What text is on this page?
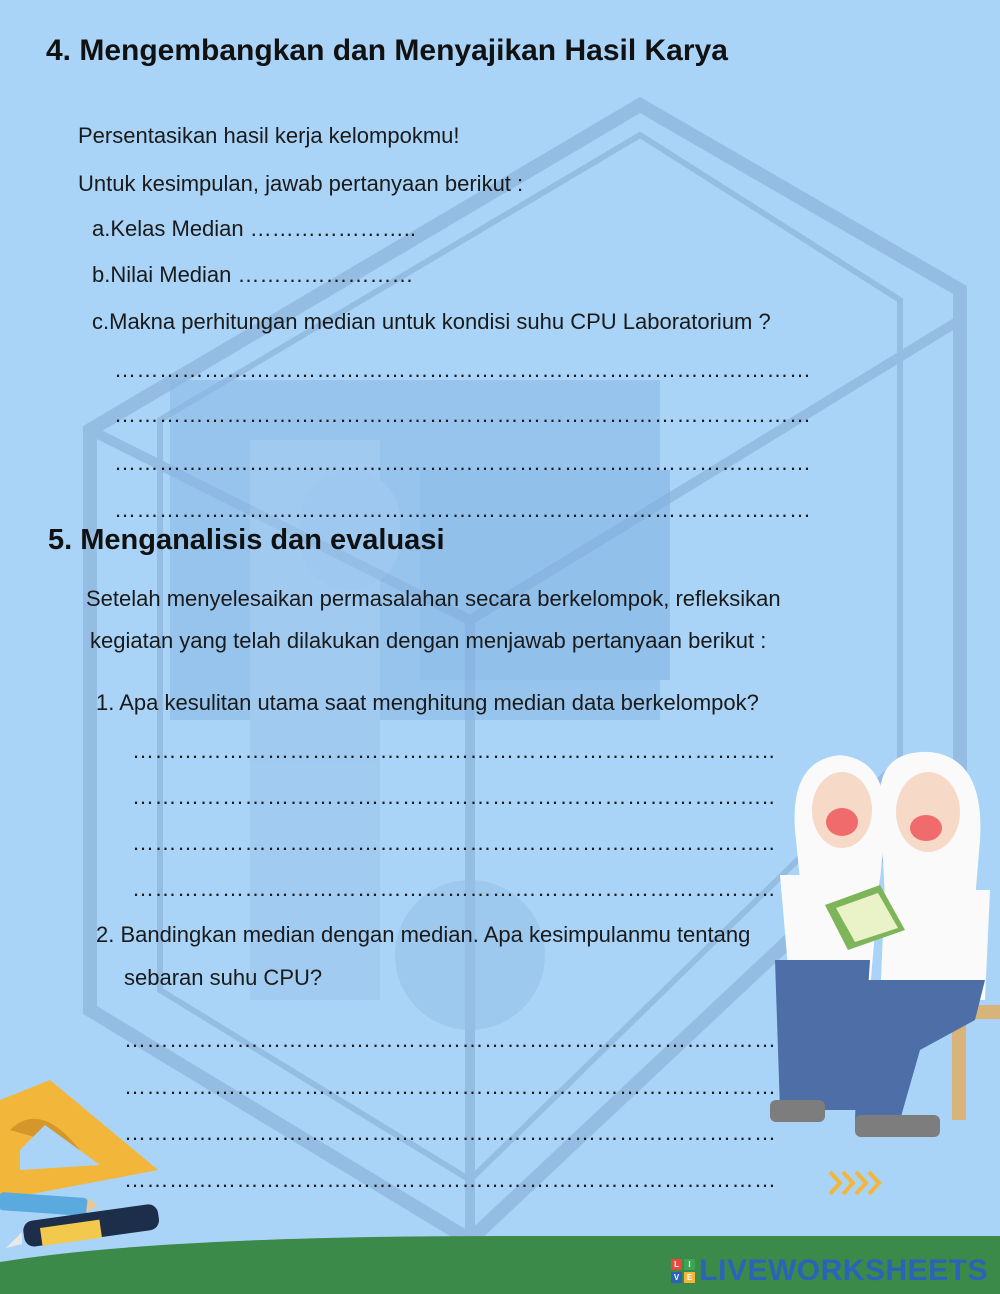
4. Mengembangkan dan Menyajikan Hasil Karya
Persentasikan hasil kerja kelompokmu!
Untuk kesimpulan, jawab pertanyaan berikut :
a.Kelas Median …………………..
b.Nilai Median ……………………
c.Makna perhitungan median untuk kondisi suhu CPU Laboratorium ?
…………………………………………………………………………………
…………………………………………………………………………………
…………………………………………………………………………………
…………………………………………………………………………………
5. Menganalisis dan evaluasi
Setelah menyelesaikan permasalahan secara berkelompok, refleksikan
kegiatan yang telah dilakukan dengan menjawab pertanyaan berikut :
1. Apa kesulitan utama saat menghitung median data berkelompok?
…………………………………………………………………………..
…………………………………………………………………………..
…………………………………………………………………………..
…………………………………………………………………………..
2. Bandingkan median dengan median. Apa kesimpulanmu tentang
sebaran suhu CPU?
……………………………………………………………………………
……………………………………………………………………………
……………………………………………………………………………
……………………………………………………………………………
L	I
V E LIVEWORKSHEETS
